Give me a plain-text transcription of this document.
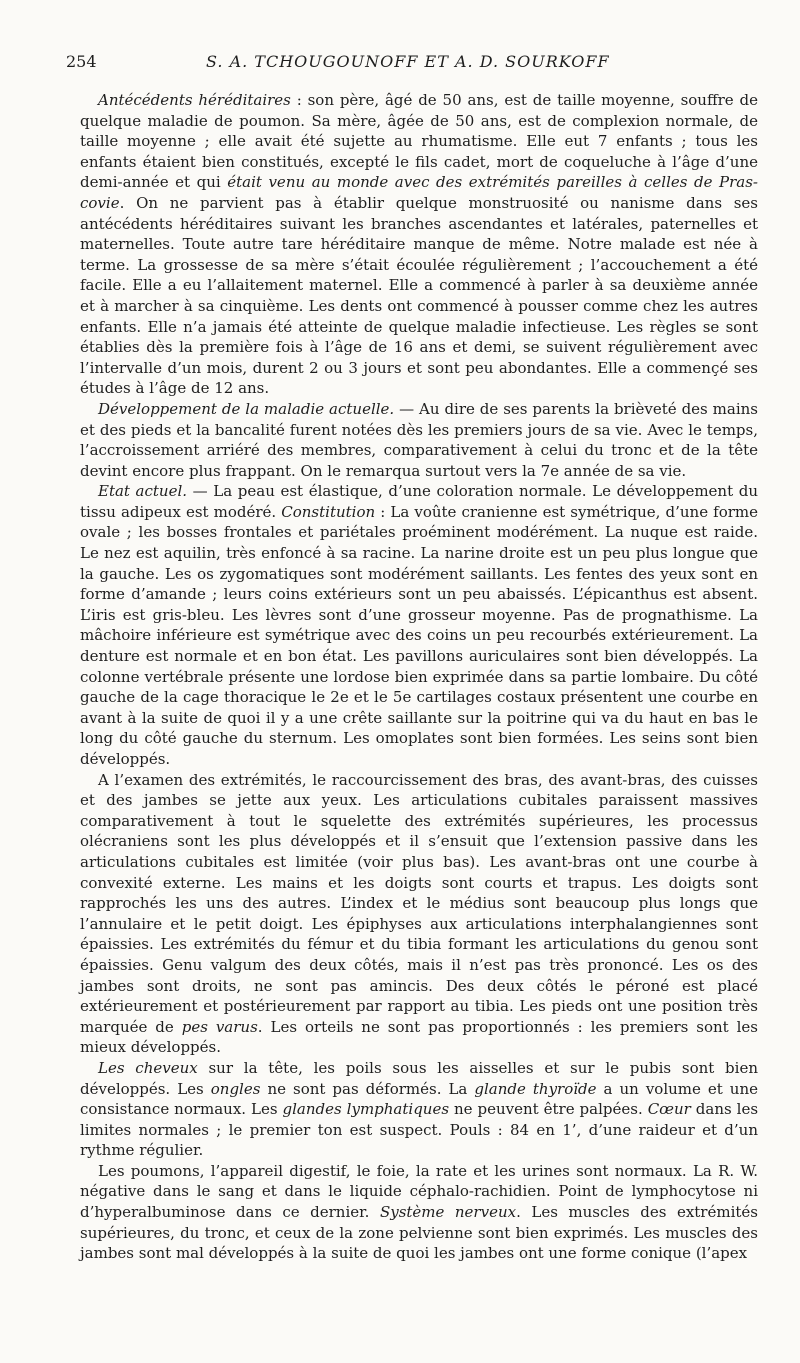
254	S. A. TCHOUGOUNOFF ET A. D. SOURKOFF

Antécédents héréditaires : son père, âgé de 50 ans, est de taille moyenne, souffre de quelque maladie de poumon. Sa mère, âgée de 50 ans, est de complexion normale, de taille moyenne ; elle avait été sujette au rhumatisme. Elle eut 7 enfants ; tous les enfants étaient bien constitués, excepté le fils cadet, mort de coqueluche à l’âge d’une demi-année et qui était venu au monde avec des extrémités pareilles à celles de Pras-covie. On ne parvient pas à établir quelque monstruosité ou nanisme dans ses antécédents héréditaires suivant les branches ascendantes et latérales, paternelles et maternelles. Toute autre tare héréditaire manque de même. Notre malade est née à terme. La grossesse de sa mère s’était écoulée régulièrement ; l’accouchement a été facile. Elle a eu l’allaitement maternel. Elle a commencé à parler à sa deuxième année et à marcher à sa cinquième. Les dents ont commencé à pousser comme chez les autres enfants. Elle n’a jamais été atteinte de quelque maladie infectieuse. Les règles se sont établies dès la première fois à l’âge de 16 ans et demi, se suivent régulièrement avec l’intervalle d’un mois, durent 2 ou 3 jours et sont peu abondantes. Elle a commençé ses études à l’âge de 12 ans.

Développement de la maladie actuelle. — Au dire de ses parents la brièveté des mains et des pieds et la bancalité furent notées dès les premiers jours de sa vie. Avec le temps, l’accroissement arriéré des membres, comparativement à celui du tronc et de la tête devint encore plus frappant. On le remarqua surtout vers la 7e année de sa vie.

Etat actuel. — La peau est élastique, d’une coloration normale. Le développement du tissu adipeux est modéré. Constitution : La voûte cranienne est symétrique, d’une forme ovale ; les bosses frontales et pariétales proéminent modérément. La nuque est raide. Le nez est aquilin, très enfoncé à sa racine. La narine droite est un peu plus longue que la gauche. Les os zygomatiques sont modérément saillants. Les fentes des yeux sont en forme d’amande ; leurs coins extérieurs sont un peu abaissés. L’épicanthus est absent. L’iris est gris-bleu. Les lèvres sont d’une grosseur moyenne. Pas de prognathisme. La mâchoire inférieure est symétrique avec des coins un peu recourbés extérieurement. La denture est normale et en bon état. Les pavillons auriculaires sont bien développés. La colonne vertébrale présente une lordose bien exprimée dans sa partie lombaire. Du côté gauche de la cage thoracique le 2e et le 5e cartilages costaux présentent une courbe en avant à la suite de quoi il y a une crête saillante sur la poitrine qui va du haut en bas le long du côté gauche du sternum. Les omoplates sont bien formées. Les seins sont bien développés.

A l’examen des extrémités, le raccourcissement des bras, des avant-bras, des cuisses et des jambes se jette aux yeux. Les articulations cubitales paraissent massives comparativement à tout le squelette des extrémités supérieures, les processus olécraniens sont les plus développés et il s’ensuit que l’extension passive dans les articulations cubitales est limitée (voir plus bas). Les avant-bras ont une courbe à convexité externe. Les mains et les doigts sont courts et trapus. Les doigts sont rapprochés les uns des autres. L’index et le médius sont beaucoup plus longs que l’annulaire et le petit doigt. Les épiphyses aux articulations interphalangiennes sont épaissies. Les extrémités du fémur et du tibia formant les articulations du genou sont épaissies. Genu valgum des deux côtés, mais il n’est pas très prononcé. Les os des jambes sont droits, ne sont pas amincis. Des deux côtés le péroné est placé extérieurement et postérieurement par rapport au tibia. Les pieds ont une position très marquée de pes varus. Les orteils ne sont pas proportionnés : les premiers sont les mieux développés.

Les cheveux sur la tête, les poils sous les aisselles et sur le pubis sont bien développés. Les ongles ne sont pas déformés. La glande thyroïde a un volume et une consistance normaux. Les glandes lymphatiques ne peuvent être palpées. Cœur dans les limites normales ; le premier ton est suspect. Pouls : 84 en 1’, d’une raideur et d’un rythme régulier.

Les poumons, l’appareil digestif, le foie, la rate et les urines sont normaux. La R. W. négative dans le sang et dans le liquide céphalo-rachidien. Point de lymphocytose ni d’hyperalbuminose dans ce dernier. Système nerveux. Les muscles des extrémités supérieures, du tronc, et ceux de la zone pelvienne sont bien exprimés. Les muscles des jambes sont mal développés à la suite de quoi les jambes ont une forme conique (l’apex
